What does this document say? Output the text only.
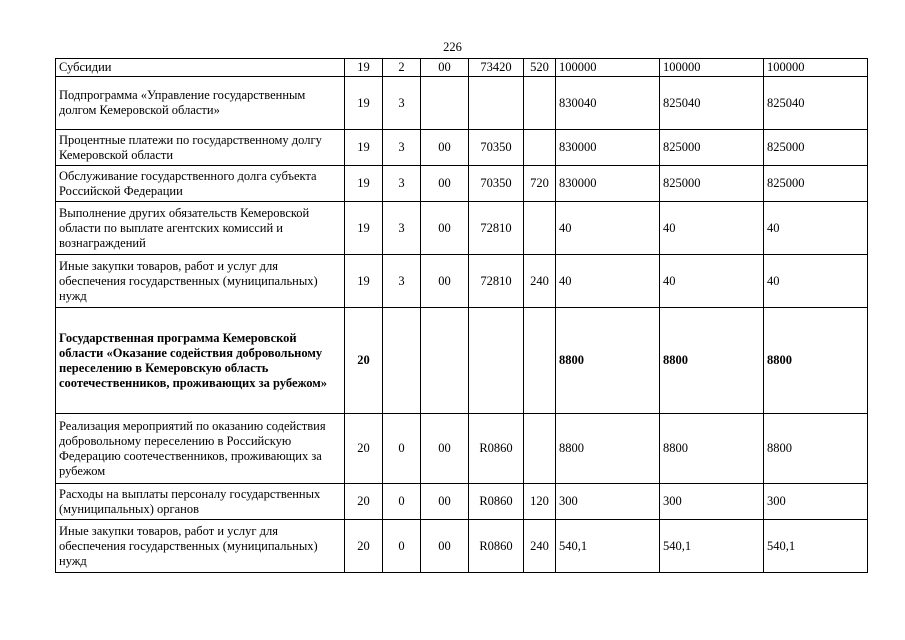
226
Субсидии	19	2	00	73420	520	100000	100000	100000
Подпрограмма «Управление государственным долгом Кемеровской области»	19	3				830040	825040	825040
Процентные платежи по государственному долгу Кемеровской области	19	3	00	70350		830000	825000	825000
Обслуживание государственного долга субъекта Российской Федерации	19	3	00	70350	720	830000	825000	825000
Выполнение других обязательств Кемеровской области по выплате агентских комиссий и вознаграждений	19	3	00	72810		40	40	40
Иные закупки товаров, работ и услуг для обеспечения государственных (муниципальных) нужд	19	3	00	72810	240	40	40	40
Государственная программа Кемеровской области «Оказание содействия добровольному переселению в Кемеровскую область соотечественников, проживающих за рубежом»	20					8800	8800	8800
Реализация мероприятий по оказанию содействия добровольному переселению в Российскую Федерацию соотечественников, проживающих за рубежом	20	0	00	R0860		8800	8800	8800
Расходы на выплаты персоналу государственных (муниципальных) органов	20	0	00	R0860	120	300	300	300
Иные закупки товаров, работ и услуг для обеспечения государственных (муниципальных) нужд	20	0	00	R0860	240	540,1	540,1	540,1
